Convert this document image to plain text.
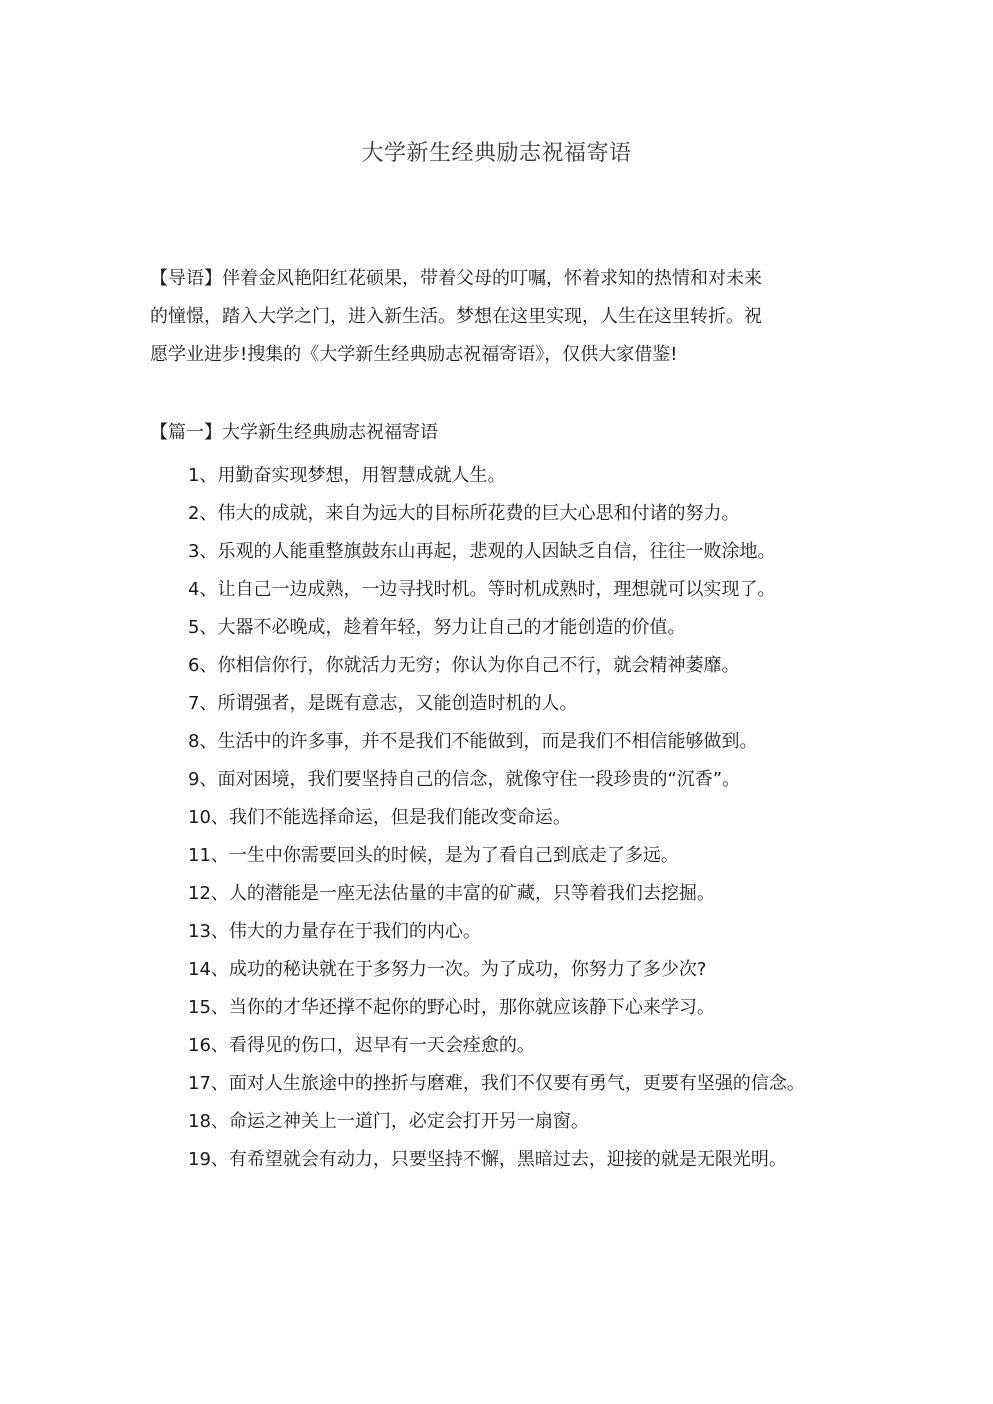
大学新生经典励志祝福寄语

【导语】伴着金风艳阳红花硕果，带着父母的叮嘱，怀着求知的热情和对未来

的憧憬，踏入大学之门，进入新生活。梦想在这里实现，人生在这里转折。祝

愿学业进步!搜集的《大学新生经典励志祝福寄语》，仅供大家借鉴!

【篇一】大学新生经典励志祝福寄语
1、用勤奋实现梦想，用智慧成就人生。
2、伟大的成就，来自为远大的目标所花费的巨大心思和付诸的努力。
3、乐观的人能重整旗鼓东山再起，悲观的人因缺乏自信，往往一败涂地。
4、让自己一边成熟，一边寻找时机。等时机成熟时，理想就可以实现了。
5、大器不必晚成，趁着年轻，努力让自己的才能创造的价值。
6、你相信你行，你就活力无穷；你认为你自己不行，就会精神萎靡。
7、所谓强者，是既有意志，又能创造时机的人。
8、生活中的许多事，并不是我们不能做到，而是我们不相信能够做到。
9、面对困境，我们要坚持自己的信念，就像守住一段珍贵的“沉香”。
10、我们不能选择命运，但是我们能改变命运。
11、一生中你需要回头的时候，是为了看自己到底走了多远。
12、人的潜能是一座无法估量的丰富的矿藏，只等着我们去挖掘。
13、伟大的力量存在于我们的内心。
14、成功的秘诀就在于多努力一次。为了成功，你努力了多少次?
15、当你的才华还撑不起你的野心时，那你就应该静下心来学习。
16、看得见的伤口，迟早有一天会痊愈的。
17、面对人生旅途中的挫折与磨难，我们不仅要有勇气，更要有坚强的信念。
18、命运之神关上一道门，必定会打开另一扇窗。
19、有希望就会有动力，只要坚持不懈，黑暗过去，迎接的就是无限光明。
